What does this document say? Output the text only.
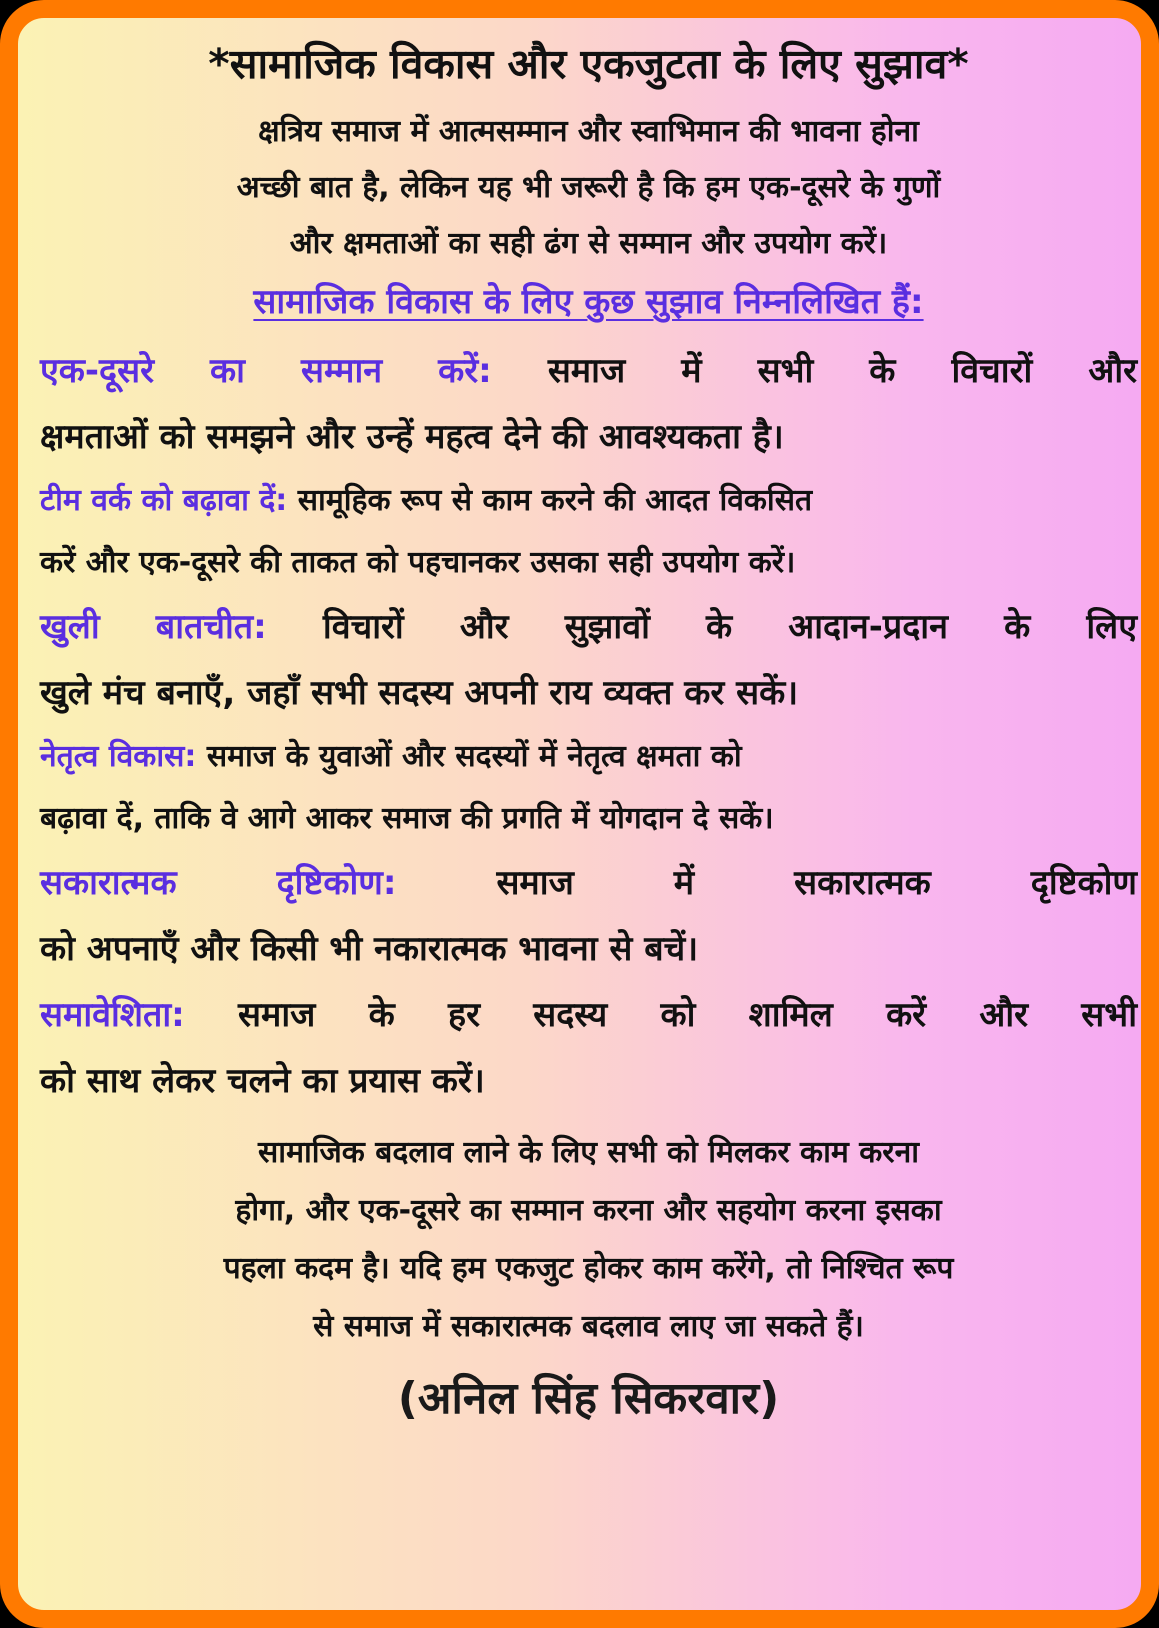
*सामाजिक विकास और एकजुटता के लिए सुझाव*

क्षत्रिय समाज में आत्मसम्मान और स्वाभिमान की भावना होना
अच्छी बात है, लेकिन यह भी जरूरी है कि हम एक-दूसरे के गुणों
और क्षमताओं का सही ढंग से सम्मान और उपयोग करें।

सामाजिक विकास के लिए कुछ सुझाव निम्नलिखित हैं:

एक-दूसरे का सम्मान करें: समाज में सभी के विचारों और
क्षमताओं को समझने और उन्हें महत्व देने की आवश्यकता है।
टीम वर्क को बढ़ावा दें: सामूहिक रूप से काम करने की आदत विकसित
करें और एक-दूसरे की ताकत को पहचानकर उसका सही उपयोग करें।
खुली बातचीत: विचारों और सुझावों के आदान-प्रदान के लिए
खुले मंच बनाएँ, जहाँ सभी सदस्य अपनी राय व्यक्त कर सकें।
नेतृत्व विकास: समाज के युवाओं और सदस्यों में नेतृत्व क्षमता को
बढ़ावा दें, ताकि वे आगे आकर समाज की प्रगति में योगदान दे सकें।
सकारात्मक दृष्टिकोण:	समाज में सकारात्मक दृष्टिकोण
को अपनाएँ और किसी भी नकारात्मक भावना से बचें।
समावेशिता: समाज के हर सदस्य को शामिल करें और सभी
को साथ लेकर चलने का प्रयास करें।

सामाजिक बदलाव लाने के लिए सभी को मिलकर काम करना
होगा, और एक-दूसरे का सम्मान करना और सहयोग करना इसका
पहला कदम है। यदि हम एकजुट होकर काम करेंगे, तो निश्चित रूप
से समाज में सकारात्मक बदलाव लाए जा सकते हैं।

(अनिल सिंह सिकरवार)
